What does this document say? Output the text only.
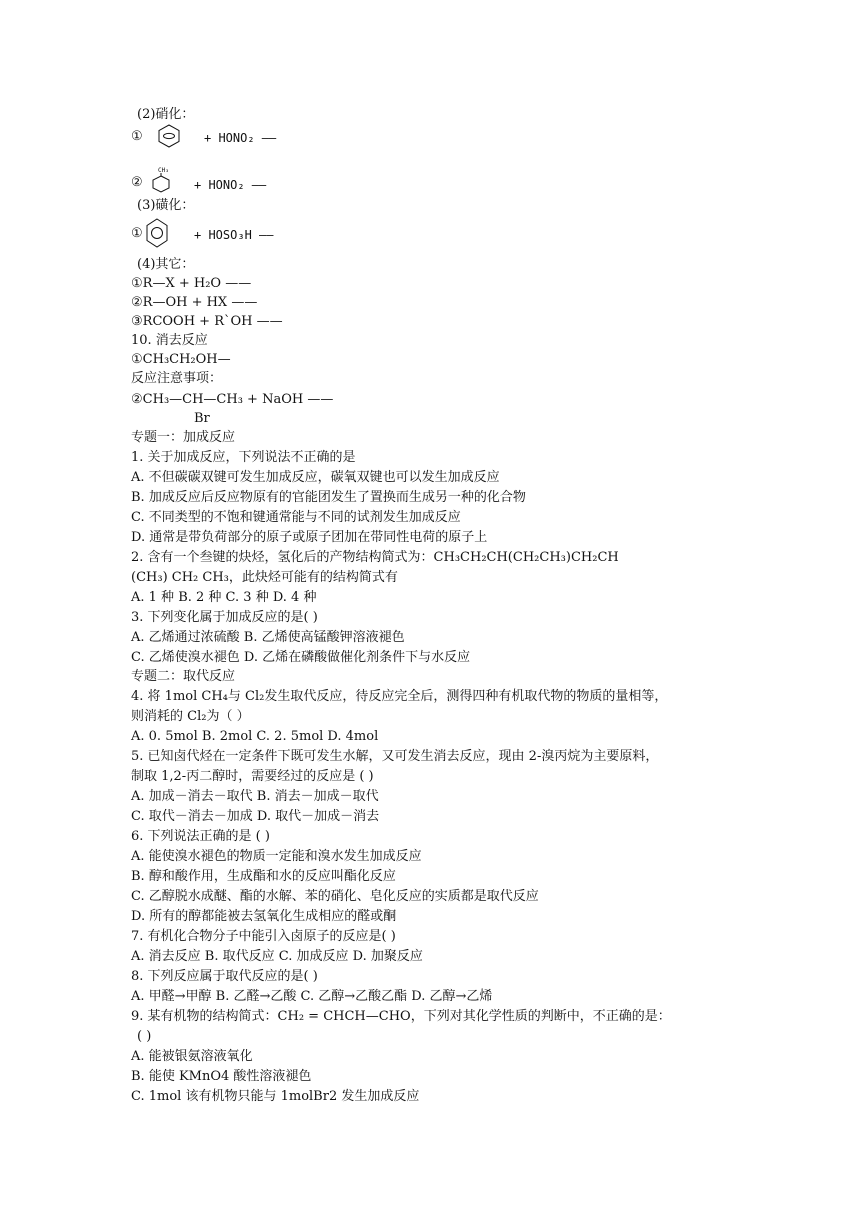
(2)硝化：
①	+ HONO₂ ——
②
CH₃
+ HONO₂ ——
(3)磺化：
①	+ HOSO₃H ——
(4)其它：
①R—X + H₂O ——
②R—OH + HX ——
③RCOOH + R`OH ——
10. 消去反应
①CH₃CH₂OH—
反应注意事项：
②CH₃—CH—CH₃ + NaOH ——
Br
专题一：加成反应
1. 关于加成反应，下列说法不正确的是
A. 不但碳碳双键可发生加成反应，碳氧双键也可以发生加成反应
B. 加成反应后反应物原有的官能团发生了置换而生成另一种的化合物
C. 不同类型的不饱和键通常能与不同的试剂发生加成反应
D. 通常是带负荷部分的原子或原子团加在带同性电荷的原子上
2. 含有一个叁键的炔烃，氢化后的产物结构简式为：CH₃CH₂CH(CH₂CH₃)CH₂CH
(CH₃) CH₂ CH₃，此炔烃可能有的结构简式有
A. 1 种 B. 2 种 C. 3 种 D. 4 种
3. 下列变化属于加成反应的是( )
A. 乙烯通过浓硫酸 B. 乙烯使高锰酸钾溶液褪色
C. 乙烯使溴水褪色 D. 乙烯在磷酸做催化剂条件下与水反应
专题二：取代反应
4. 将 1mol CH₄与 Cl₂发生取代反应，待反应完全后，测得四种有机取代物的物质的量相等，
则消耗的 Cl₂为（ ）
A. 0. 5mol B. 2mol C. 2. 5mol D. 4mol
5. 已知卤代烃在一定条件下既可发生水解，又可发生消去反应，现由 2-溴丙烷为主要原料，
制取 1,2-丙二醇时，需要经过的反应是 ( )
A. 加成－消去－取代 B. 消去－加成－取代
C. 取代－消去－加成 D. 取代－加成－消去
6. 下列说法正确的是 ( )
A. 能使溴水褪色的物质一定能和溴水发生加成反应
B. 醇和酸作用，生成酯和水的反应叫酯化反应
C. 乙醇脱水成醚、酯的水解、苯的硝化、皂化反应的实质都是取代反应
D. 所有的醇都能被去氢氧化生成相应的醛或酮
7. 有机化合物分子中能引入卤原子的反应是( )
A. 消去反应 B. 取代反应 C. 加成反应 D. 加聚反应
8. 下列反应属于取代反应的是( )
A. 甲醛→甲醇 B. 乙醛→乙酸 C. 乙醇→乙酸乙酯 D. 乙醇→乙烯
9. 某有机物的结构简式：CH₂ = CHCH—CHO，下列对其化学性质的判断中，不正确的是：
( )
A. 能被银氨溶液氧化
B. 能使 KMnO4 酸性溶液褪色
C. 1mol 该有机物只能与 1molBr2 发生加成反应
